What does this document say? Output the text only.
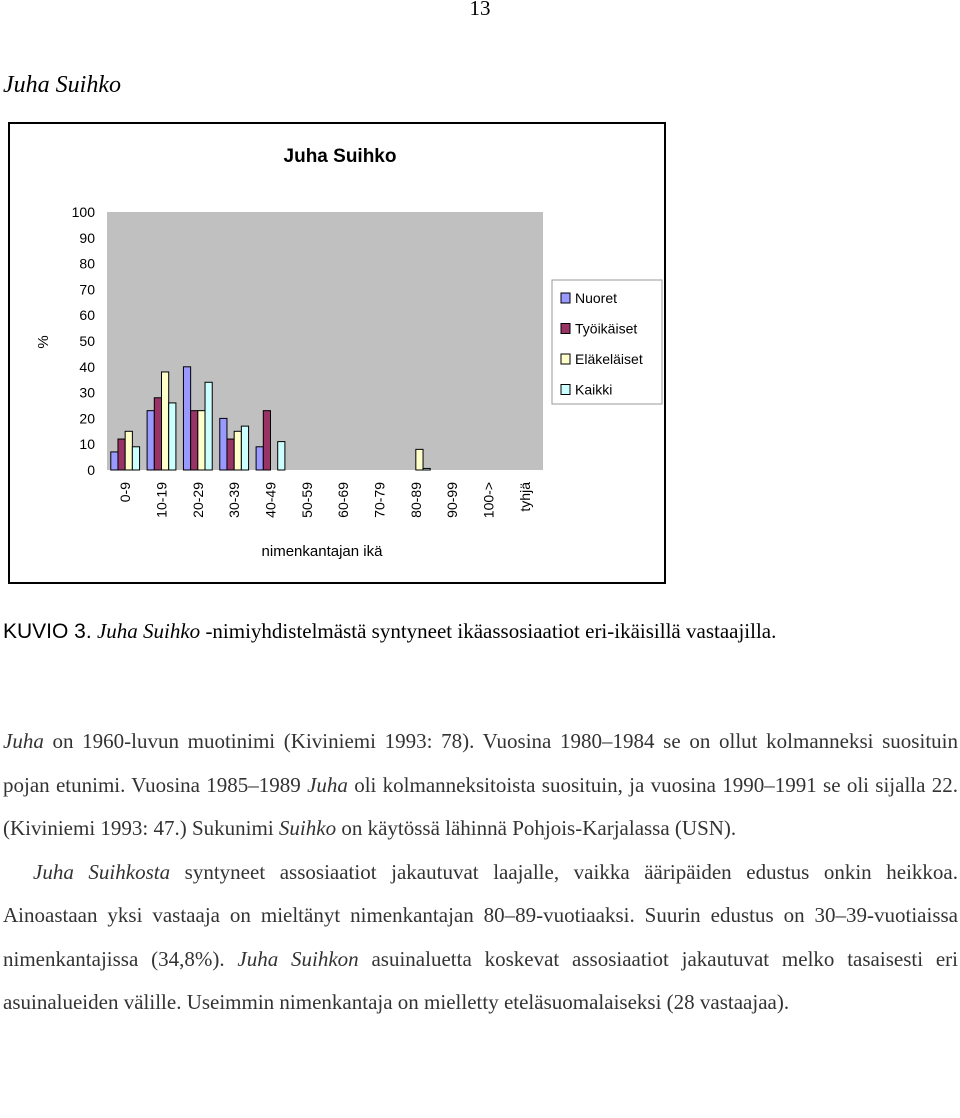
13
Juha Suihko
Juha Suihko
%
0
10
20
30
40
50
60
70
80
90
100
0-9 10-19 20-29 30-39 40-49 50-59 60-69 70-79 80-89 90-99 100-> tyhjä
nimenkantajan ikä
Nuoret
Työikäiset
Eläkeläiset
Kaikki
KUVIO 3. Juha Suihko -nimiyhdistelmästä syntyneet ikäassosiaatiot eri-ikäisillä vastaajilla.

Juha on 1960-luvun muotinimi (Kiviniemi 1993: 78). Vuosina 1980–1984 se on ollut kolmanneksi suosituin pojan etunimi. Vuosina 1985–1989 Juha oli kolmanneksitoista suosituin, ja vuosina 1990–1991 se oli sijalla 22. (Kiviniemi 1993: 47.) Sukunimi Suihko on käytössä lähinnä Pohjois-Karjalassa (USN).

Juha Suihkosta syntyneet assosiaatiot jakautuvat laajalle, vaikka ääripäiden edustus onkin heikkoa. Ainoastaan yksi vastaaja on mieltänyt nimenkantajan 80–89-vuotiaaksi. Suurin edustus on 30–39-vuotiaissa nimenkantajissa (34,8%). Juha Suihkon asuinaluetta koskevat assosiaatiot jakautuvat melko tasaisesti eri asuinalueiden välille. Useimmin nimenkantaja on mielletty eteläsuomalaiseksi (28 vastaajaa).
